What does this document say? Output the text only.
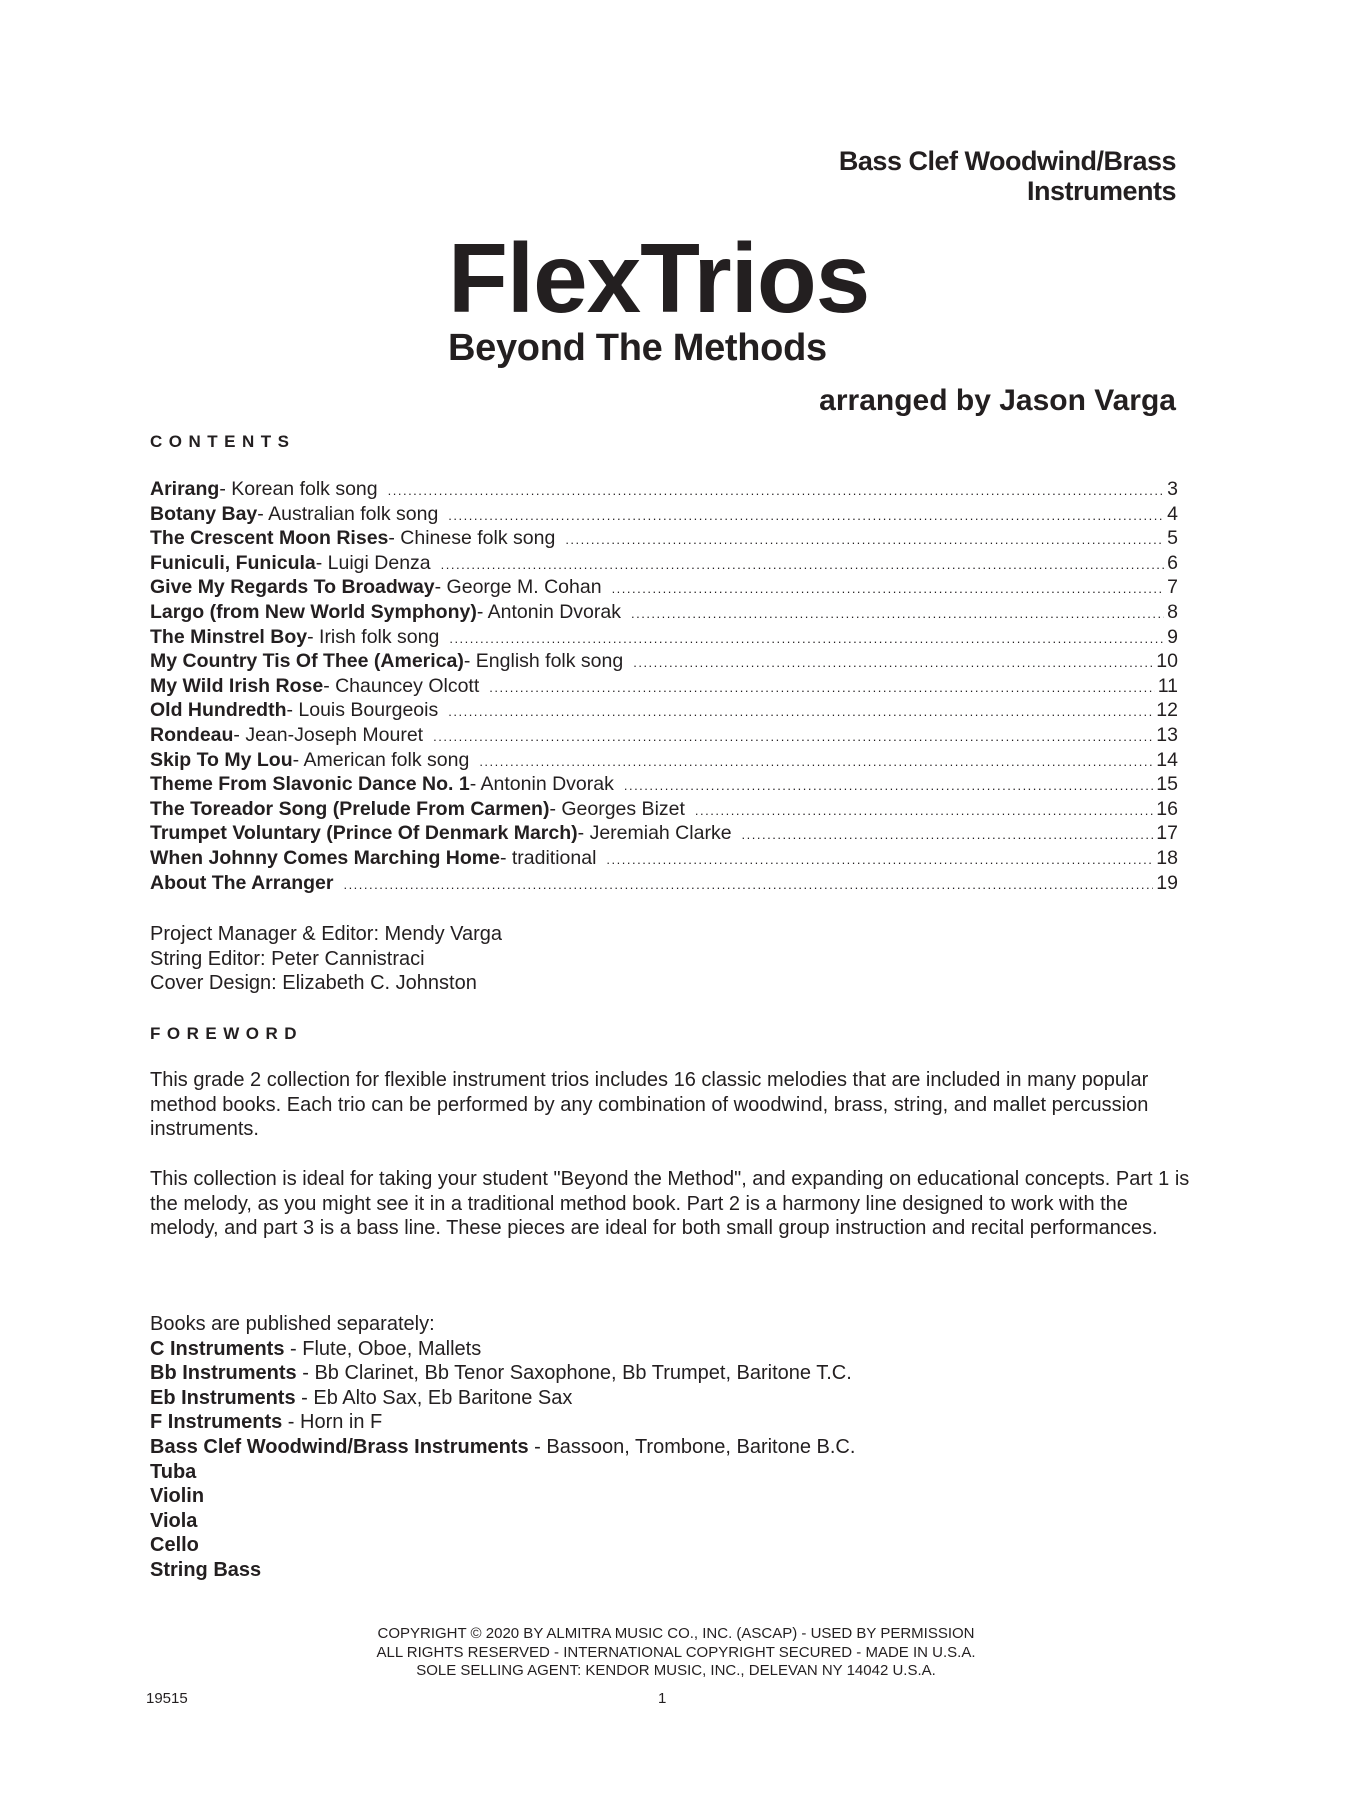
Bass Clef Woodwind/Brass
Instruments
FlexTrios
Beyond The Methods
arranged by Jason Varga
CONTENTS
Arirang - Korean folk song .....	3
Botany Bay - Australian folk song .....	4
The Crescent Moon Rises - Chinese folk song .....	5
Funiculi, Funicula - Luigi Denza .....	6
Give My Regards To Broadway - George M. Cohan .....	7
Largo (from New World Symphony) - Antonin Dvorak .....	8
The Minstrel Boy - Irish folk song .....	9
My Country Tis Of Thee (America) - English folk song .....	10
My Wild Irish Rose - Chauncey Olcott .....	11
Old Hundredth - Louis Bourgeois .....	12
Rondeau - Jean-Joseph Mouret .....	13
Skip To My Lou - American folk song .....	14
Theme From Slavonic Dance No. 1 - Antonin Dvorak .....	15
The Toreador Song (Prelude From Carmen) - Georges Bizet .....	16
Trumpet Voluntary (Prince Of Denmark March) - Jeremiah Clarke .....	17
When Johnny Comes Marching Home - traditional .....	18
About The Arranger .....	19
Project Manager & Editor: Mendy Varga
String Editor: Peter Cannistraci
Cover Design: Elizabeth C. Johnston
FOREWORD
This grade 2 collection for flexible instrument trios includes 16 classic melodies that are included in many popular method books. Each trio can be performed by any combination of woodwind, brass, string, and mallet percussion instruments.
This collection is ideal for taking your student "Beyond the Method", and expanding on educational concepts. Part 1 is the melody, as you might see it in a traditional method book. Part 2 is a harmony line designed to work with the melody, and part 3 is a bass line. These pieces are ideal for both small group instruction and recital performances.
Books are published separately:
C Instruments - Flute, Oboe, Mallets
Bb Instruments - Bb Clarinet, Bb Tenor Saxophone, Bb Trumpet, Baritone T.C.
Eb Instruments - Eb Alto Sax, Eb Baritone Sax
F Instruments - Horn in F
Bass Clef Woodwind/Brass Instruments - Bassoon, Trombone, Baritone B.C.
Tuba
Violin
Viola
Cello
String Bass
COPYRIGHT © 2020 BY ALMITRA MUSIC CO., INC. (ASCAP) - USED BY PERMISSION
ALL RIGHTS RESERVED - INTERNATIONAL COPYRIGHT SECURED - MADE IN U.S.A.
SOLE SELLING AGENT: KENDOR MUSIC, INC., DELEVAN NY 14042 U.S.A.
19515	1
